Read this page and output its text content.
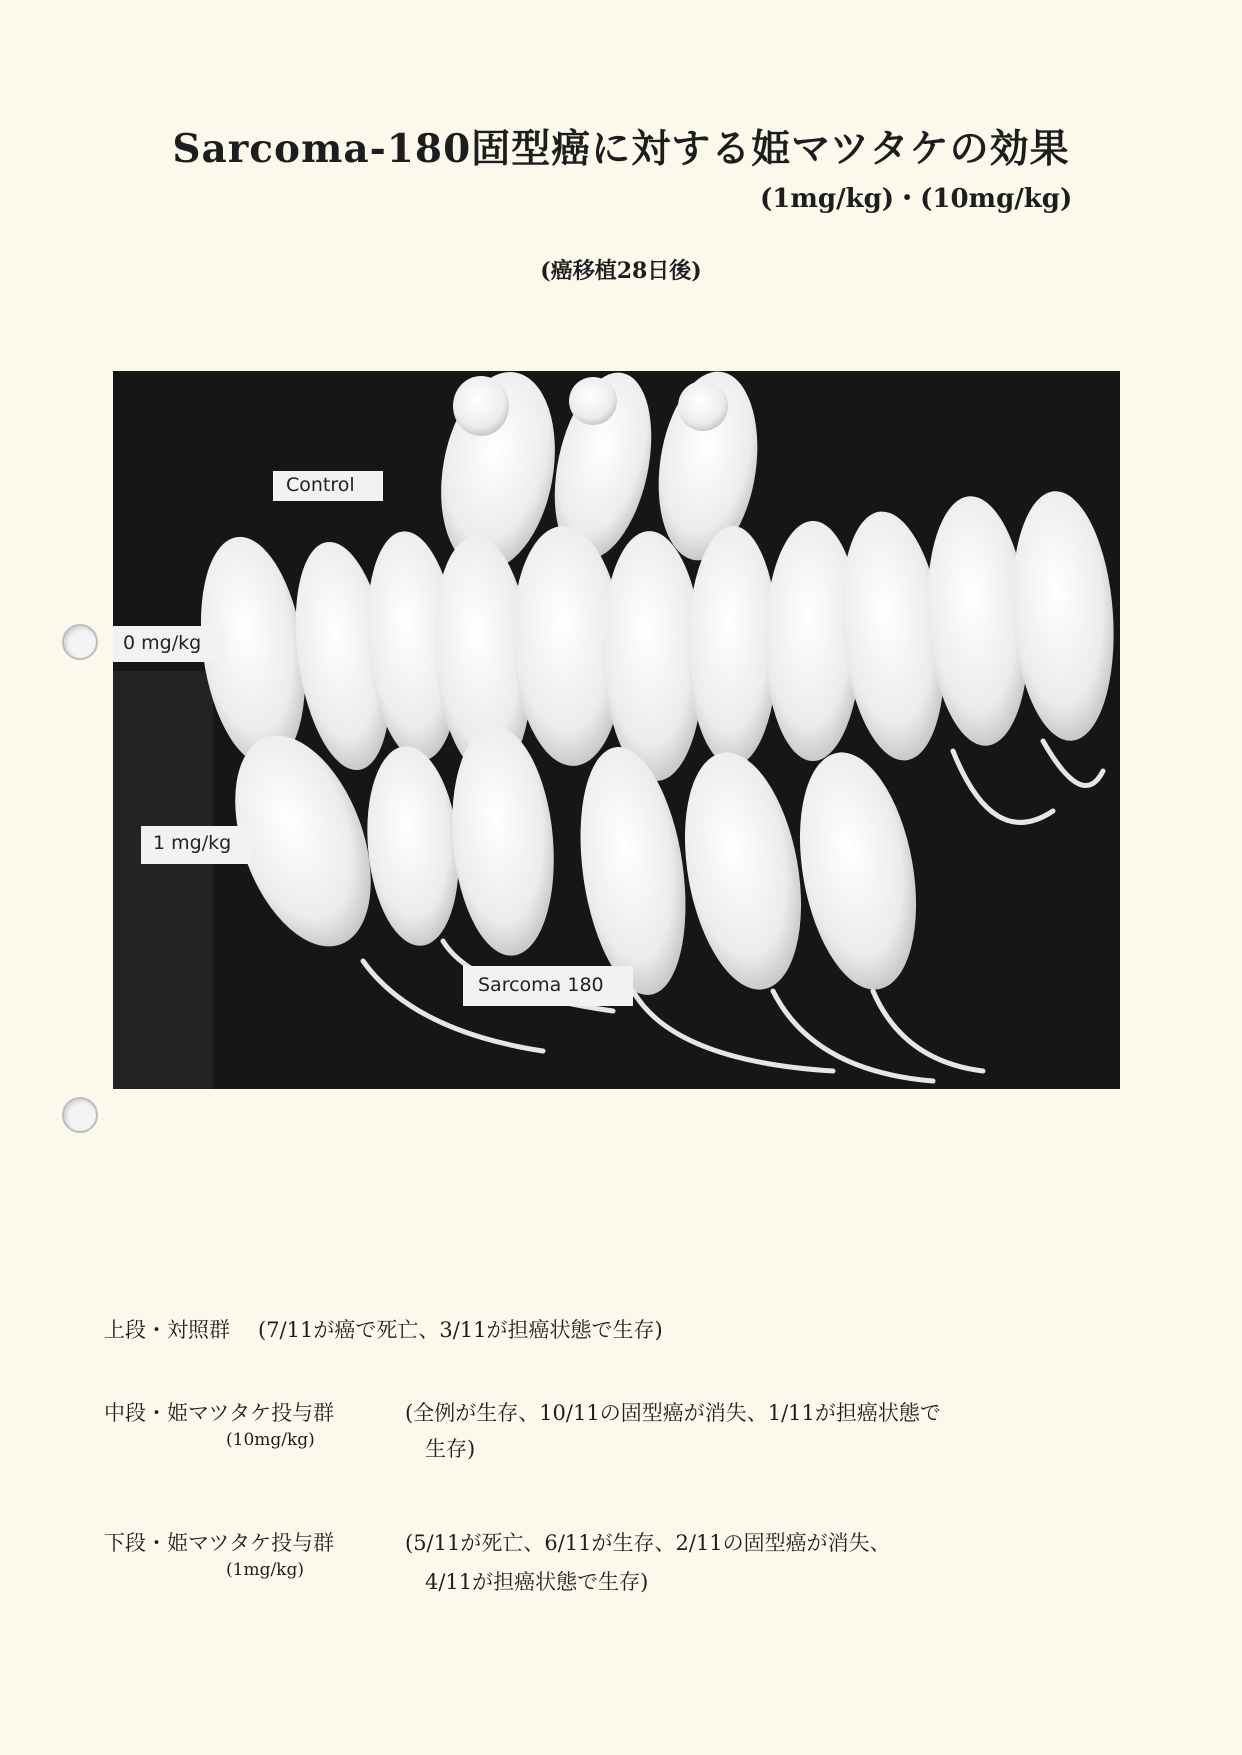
Sarcoma-180固型癌に対する姫マツタケの効果
(1mg/kg)・(10mg/kg)
(癌移植28日後)
Control
0 mg/kg
1 mg/kg
Sarcoma 180
上段・対照群 (7/11が癌で死亡、3/11が担癌状態で生存)
中段・姫マツタケ投与群
(10mg/kg)
(全例が生存、10/11の固型癌が消失、1/11が担癌状態で
生存)
下段・姫マツタケ投与群
(1mg/kg)
(5/11が死亡、6/11が生存、2/11の固型癌が消失、
4/11が担癌状態で生存)
